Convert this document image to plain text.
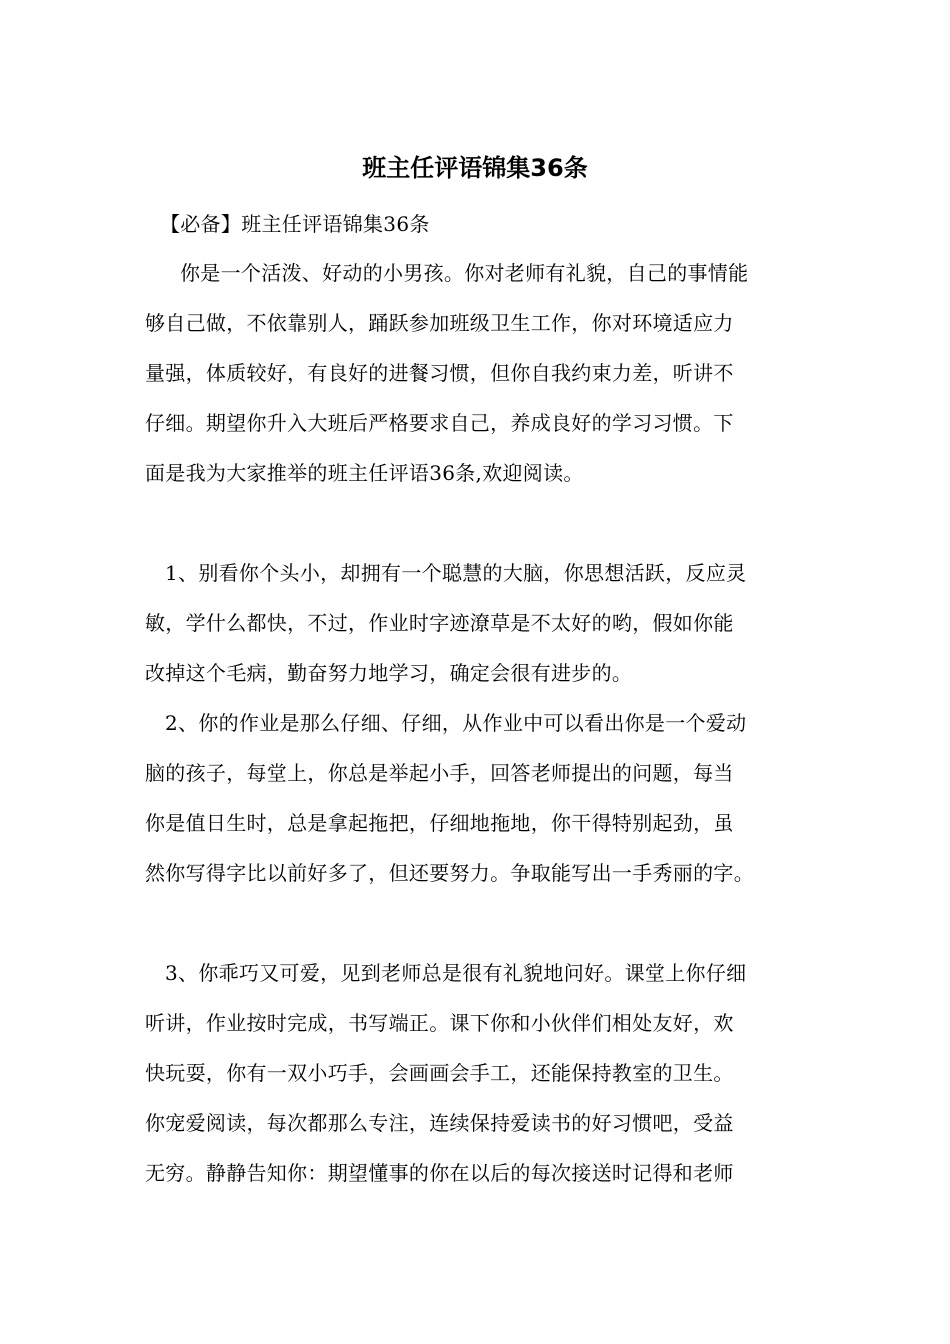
班主任评语锦集36条
【必备】班主任评语锦集36条
你是一个活泼、好动的小男孩。你对老师有礼貌，自己的事情能
够自己做，不依靠别人，踊跃参加班级卫生工作，你对环境适应力
量强，体质较好，有良好的进餐习惯，但你自我约束力差，听讲不
仔细。期望你升入大班后严格要求自己，养成良好的学习习惯。下
面是我为大家推举的班主任评语36条,欢迎阅读。
1、别看你个头小，却拥有一个聪慧的大脑，你思想活跃，反应灵
敏，学什么都快，不过，作业时字迹潦草是不太好的哟，假如你能
改掉这个毛病，勤奋努力地学习，确定会很有进步的。
2、你的作业是那么仔细、仔细，从作业中可以看出你是一个爱动
脑的孩子，每堂上，你总是举起小手，回答老师提出的问题，每当
你是值日生时，总是拿起拖把，仔细地拖地，你干得特别起劲，虽
然你写得字比以前好多了，但还要努力。争取能写出一手秀丽的字。
3、你乖巧又可爱，见到老师总是很有礼貌地问好。课堂上你仔细
听讲，作业按时完成，书写端正。课下你和小伙伴们相处友好，欢
快玩耍，你有一双小巧手，会画画会手工，还能保持教室的卫生。
你宠爱阅读，每次都那么专注，连续保持爱读书的好习惯吧，受益
无穷。静静告知你：期望懂事的你在以后的每次接送时记得和老师
